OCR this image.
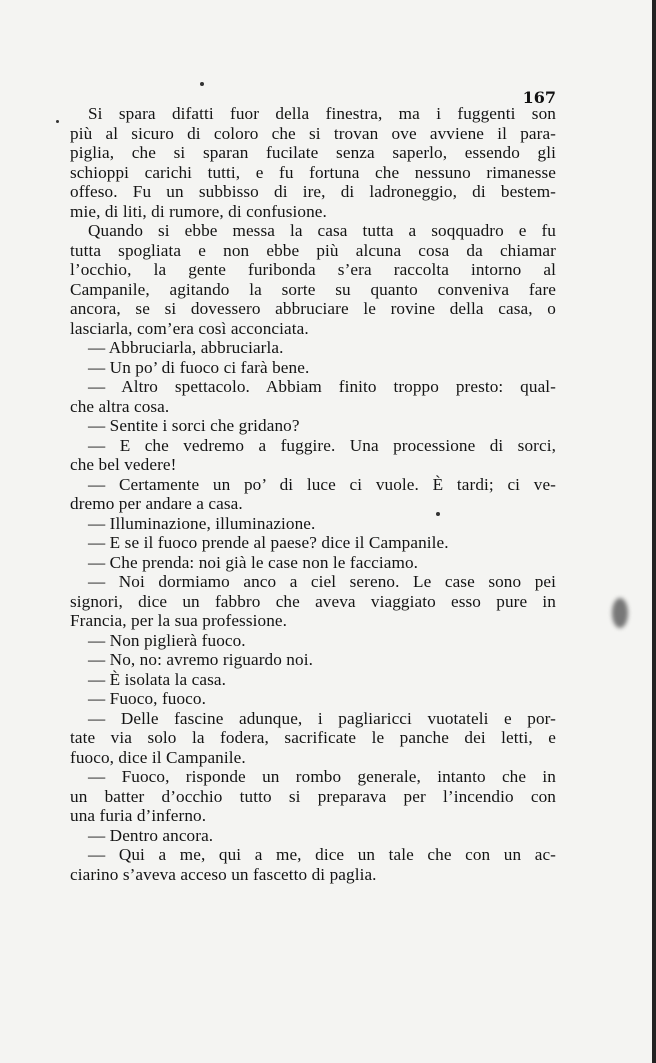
167
Si spara difatti fuor della finestra, ma i fuggenti son
più al sicuro di coloro che si trovan ove avviene il para-
piglia, che si sparan fucilate senza saperlo, essendo gli
schioppi carichi tutti, e fu fortuna che nessuno rimanesse
offeso. Fu un subbisso di ire, di ladroneggio, di bestem-
mie, di liti, di rumore, di confusione.
Quando si ebbe messa la casa tutta a soqquadro e fu
tutta spogliata e non ebbe più alcuna cosa da chiamar
l’occhio, la gente furibonda s’era raccolta intorno al
Campanile, agitando la sorte su quanto conveniva fare
ancora, se si dovessero abbruciare le rovine della casa, o
lasciarla, com’era così acconciata.
— Abbruciarla, abbruciarla.
— Un po’ di fuoco ci farà bene.
— Altro spettacolo. Abbiam finito troppo presto: qual-
che altra cosa.
— Sentite i sorci che gridano?
— E che vedremo a fuggire. Una processione di sorci,
che bel vedere!
— Certamente un po’ di luce ci vuole. È tardi; ci ve-
dremo per andare a casa.
— Illuminazione, illuminazione.
— E se il fuoco prende al paese? dice il Campanile.
— Che prenda: noi già le case non le facciamo.
— Noi dormiamo anco a ciel sereno. Le case sono pei
signori, dice un fabbro che aveva viaggiato esso pure in
Francia, per la sua professione.
— Non piglierà fuoco.
— No, no: avremo riguardo noi.
— È isolata la casa.
— Fuoco, fuoco.
— Delle fascine adunque, i pagliaricci vuotateli e por-
tate via solo la fodera, sacrificate le panche dei letti, e
fuoco, dice il Campanile.
— Fuoco, risponde un rombo generale, intanto che in
un batter d’occhio tutto si preparava per l’incendio con
una furia d’inferno.
— Dentro ancora.
— Qui a me, qui a me, dice un tale che con un ac-
ciarino s’aveva acceso un fascetto di paglia.
